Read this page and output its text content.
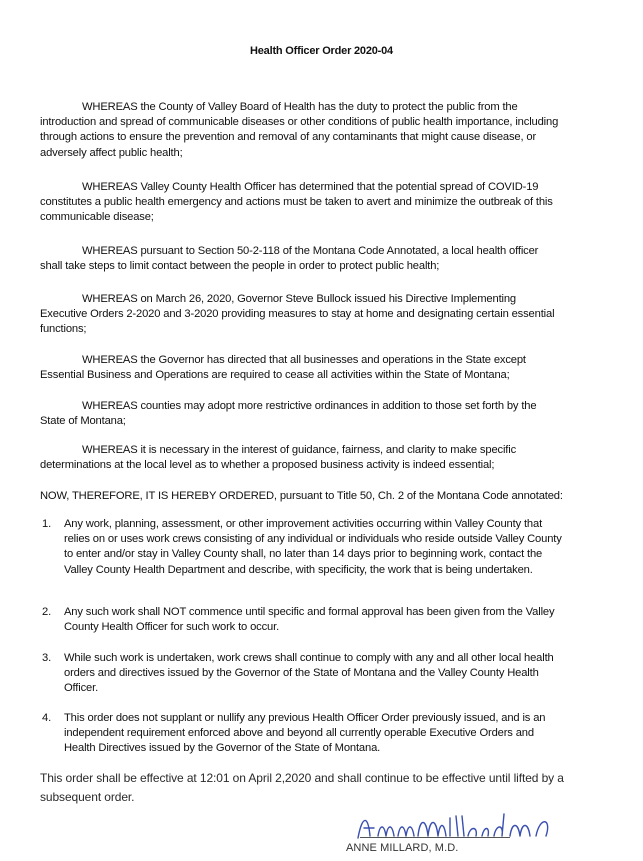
Health Officer Order 2020-04
WHEREAS the County of Valley Board of Health has the duty to protect the public from the introduction and spread of communicable diseases or other conditions of public health importance, including through actions to ensure the prevention and removal of any contaminants that might cause disease, or adversely affect public health;
WHEREAS Valley County Health Officer has determined that the potential spread of COVID-19 constitutes a public health emergency and actions must be taken to avert and minimize the outbreak of this communicable disease;
WHEREAS pursuant to Section 50-2-118 of the Montana Code Annotated, a local health officer shall take steps to limit contact between the people in order to protect public health;
WHEREAS on March 26, 2020, Governor Steve Bullock issued his Directive Implementing Executive Orders 2-2020 and 3-2020 providing measures to stay at home and designating certain essential functions;
WHEREAS the Governor has directed that all businesses and operations in the State except Essential Business and Operations are required to cease all activities within the State of Montana;
WHEREAS counties may adopt more restrictive ordinances in addition to those set forth by the State of Montana;
WHEREAS it is necessary in the interest of guidance, fairness, and clarity to make specific determinations at the local level as to whether a proposed business activity is indeed essential;
NOW, THEREFORE, IT IS HEREBY ORDERED, pursuant to Title 50, Ch. 2 of the Montana Code annotated:
1. Any work, planning, assessment, or other improvement activities occurring within Valley County that relies on or uses work crews consisting of any individual or individuals who reside outside Valley County to enter and/or stay in Valley County shall, no later than 14 days prior to beginning work, contact the Valley County Health Department and describe, with specificity, the work that is being undertaken.
2. Any such work shall NOT commence until specific and formal approval has been given from the Valley County Health Officer for such work to occur.
3. While such work is undertaken, work crews shall continue to comply with any and all other local health orders and directives issued by the Governor of the State of Montana and the Valley County Health Officer.
4. This order does not supplant or nullify any previous Health Officer Order previously issued, and is an independent requirement enforced above and beyond all currently operable Executive Orders and Health Directives issued by the Governor of the State of Montana.
This order shall be effective at 12:01 on April 2,2020 and shall continue to be effective until lifted by a subsequent order.
ANNE MILLARD, M.D.
